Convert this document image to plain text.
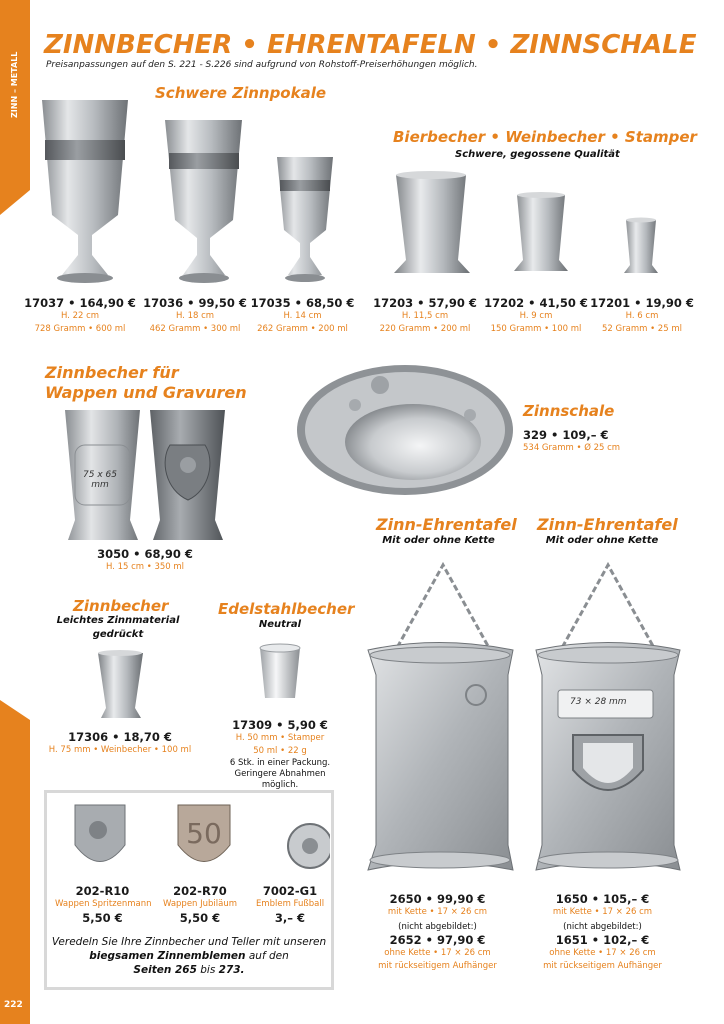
ZINN – METALL
222
ZINNBECHER • EHRENTAFELN • ZINNSCHALE
Preisanpassungen auf den S. 221 - S.226 sind aufgrund von Rohstoff-Preiserhöhungen möglich.
Schwere Zinnpokale
17037 • 164,90 €
H. 22 cm
728 Gramm • 600 ml
17036 • 99,50 €
H. 18 cm
462 Gramm • 300 ml
17035 • 68,50 €
H. 14 cm
262 Gramm • 200 ml
Bierbecher • Weinbecher • Stamper
Schwere, gegossene Qualität
17203 • 57,90 €
H. 11,5 cm
220 Gramm • 200 ml
17202 • 41,50 €
H. 9 cm
150 Gramm • 100 ml
17201 • 19,90 €
H. 6 cm
52 Gramm • 25 ml
Zinnbecher für
Wappen und Gravuren
75 x 65
mm
3050 • 68,90 €
H. 15 cm • 350 ml
Zinnschale
329 • 109,– €
534 Gramm • Ø 25 cm
Zinnbecher
Leichtes Zinnmaterial
gedrückt
17306 • 18,70 €
H. 75 mm • Weinbecher • 100 ml
Edelstahlbecher
Neutral
17309 • 5,90 €
H. 50 mm • Stamper
50 ml • 22 g
6 Stk. in einer Packung.
Geringere Abnahmen möglich.
Zinn-Ehrentafel
Mit oder ohne Kette
Zinn-Ehrentafel
Mit oder ohne Kette
73 × 28 mm
2650 • 99,90 €
mit Kette • 17 × 26 cm
(nicht abgebildet:)
2652 • 97,90 €
ohne Kette • 17 × 26 cm
mit rückseitigem Aufhänger
1650 • 105,– €
mit Kette • 17 × 26 cm
(nicht abgebildet:)
1651 • 102,– €
ohne Kette • 17 × 26 cm
mit rückseitigem Aufhänger
50
202-R10
Wappen Spritzenmann
5,50 €
202-R70
Wappen Jubiläum
5,50 €
7002-G1
Emblem Fußball
3,– €
Veredeln Sie Ihre Zinnbecher und Teller mit unseren
biegsamen Zinnemblemen auf den
Seiten 265 bis 273.
